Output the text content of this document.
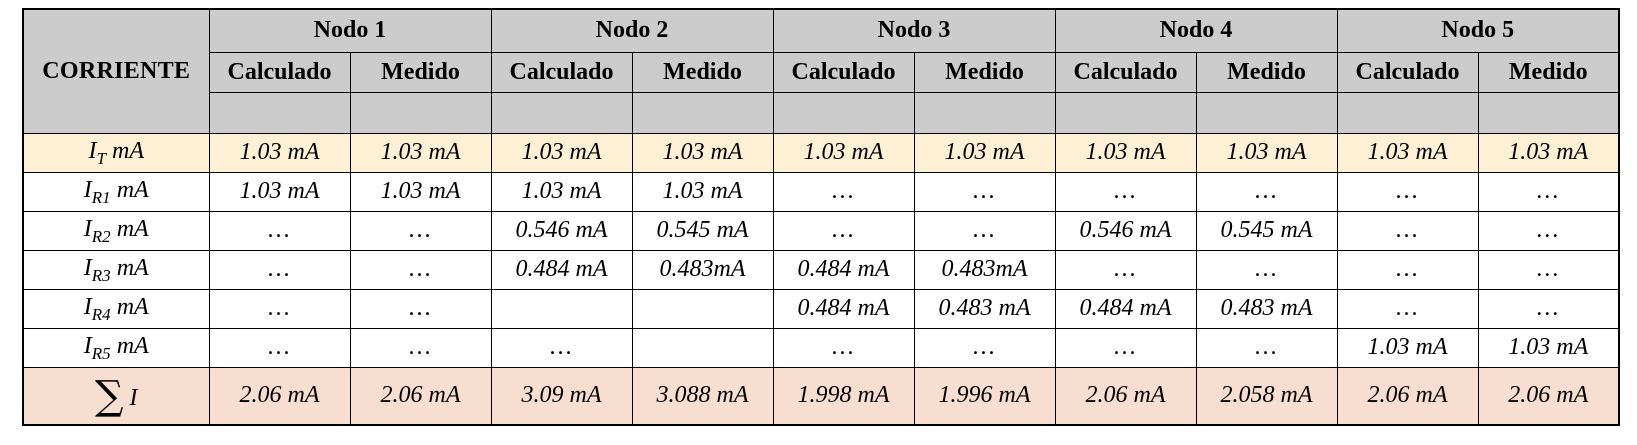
CORRIENTE	Nodo 1		Nodo 2		Nodo 3		Nodo 4		Nodo 5	
	Calculado	Medido	Calculado	Medido	Calculado	Medido	Calculado	Medido	Calculado	Medido

$I_T$ mA	1.03 mA	1.03 mA	1.03 mA	1.03 mA	1.03 mA	1.03 mA	1.03 mA	1.03 mA	1.03 mA	1.03 mA
$I_{R1}$ mA	1.03 mA	1.03 mA	1.03 mA	1.03 mA	...	...	...	...	...	...
$I_{R2}$ mA	...	...	0.546 mA	0.545 mA	...	...	0.546 mA	0.545 mA	...	...
$I_{R3}$ mA	...	...	0.484 mA	0.483mA	0.484 mA	0.483mA	...	...	...	...
$I_{R4}$ mA	...	...			0.484 mA	0.483 mA	0.484 mA	0.483 mA	...	...
$I_{R5}$ mA	...	...	...		...	...	...	...	1.03 mA	1.03 mA
∑ I	2.06 mA	2.06 mA	3.09 mA	3.088 mA	1.998 mA	1.996 mA	2.06 mA	2.058 mA	2.06 mA	2.06 mA
